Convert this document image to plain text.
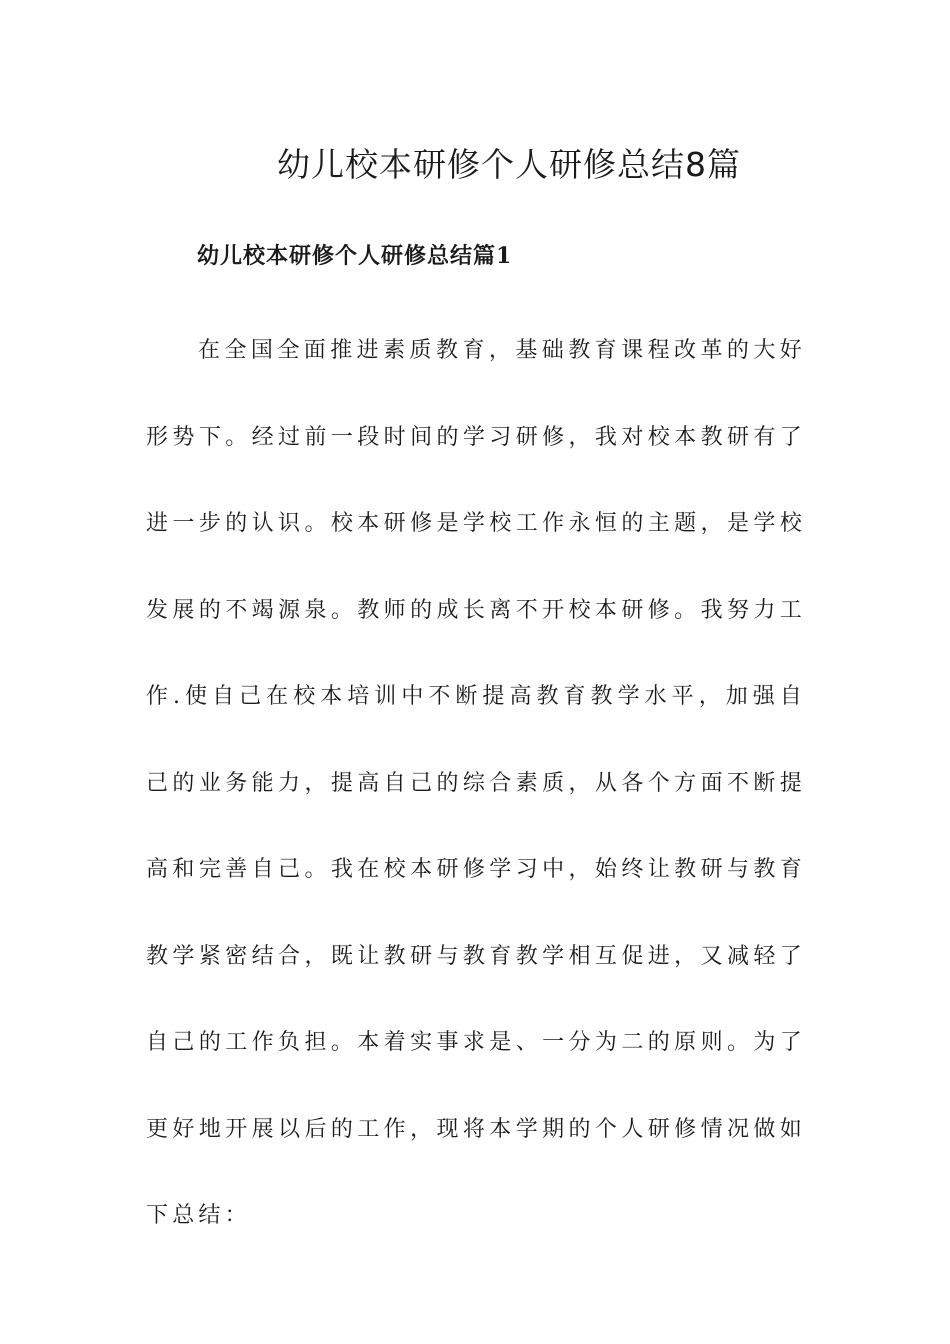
幼儿校本研修个人研修总结8篇
幼儿校本研修个人研修总结篇1

在全国全面推进素质教育，基础教育课程改革的大好形势下。经过前一段时间的学习研修，我对校本教研有了进一步的认识。校本研修是学校工作永恒的主题，是学校发展的不竭源泉。教师的成长离不开校本研修。我努力工作.使自己在校本培训中不断提高教育教学水平，加强自己的业务能力，提高自己的综合素质，从各个方面不断提高和完善自己。我在校本研修学习中，始终让教研与教育教学紧密结合，既让教研与教育教学相互促进，又减轻了自己的工作负担。本着实事求是、一分为二的原则。为了更好地开展以后的工作，现将本学期的个人研修情况做如下总结：
